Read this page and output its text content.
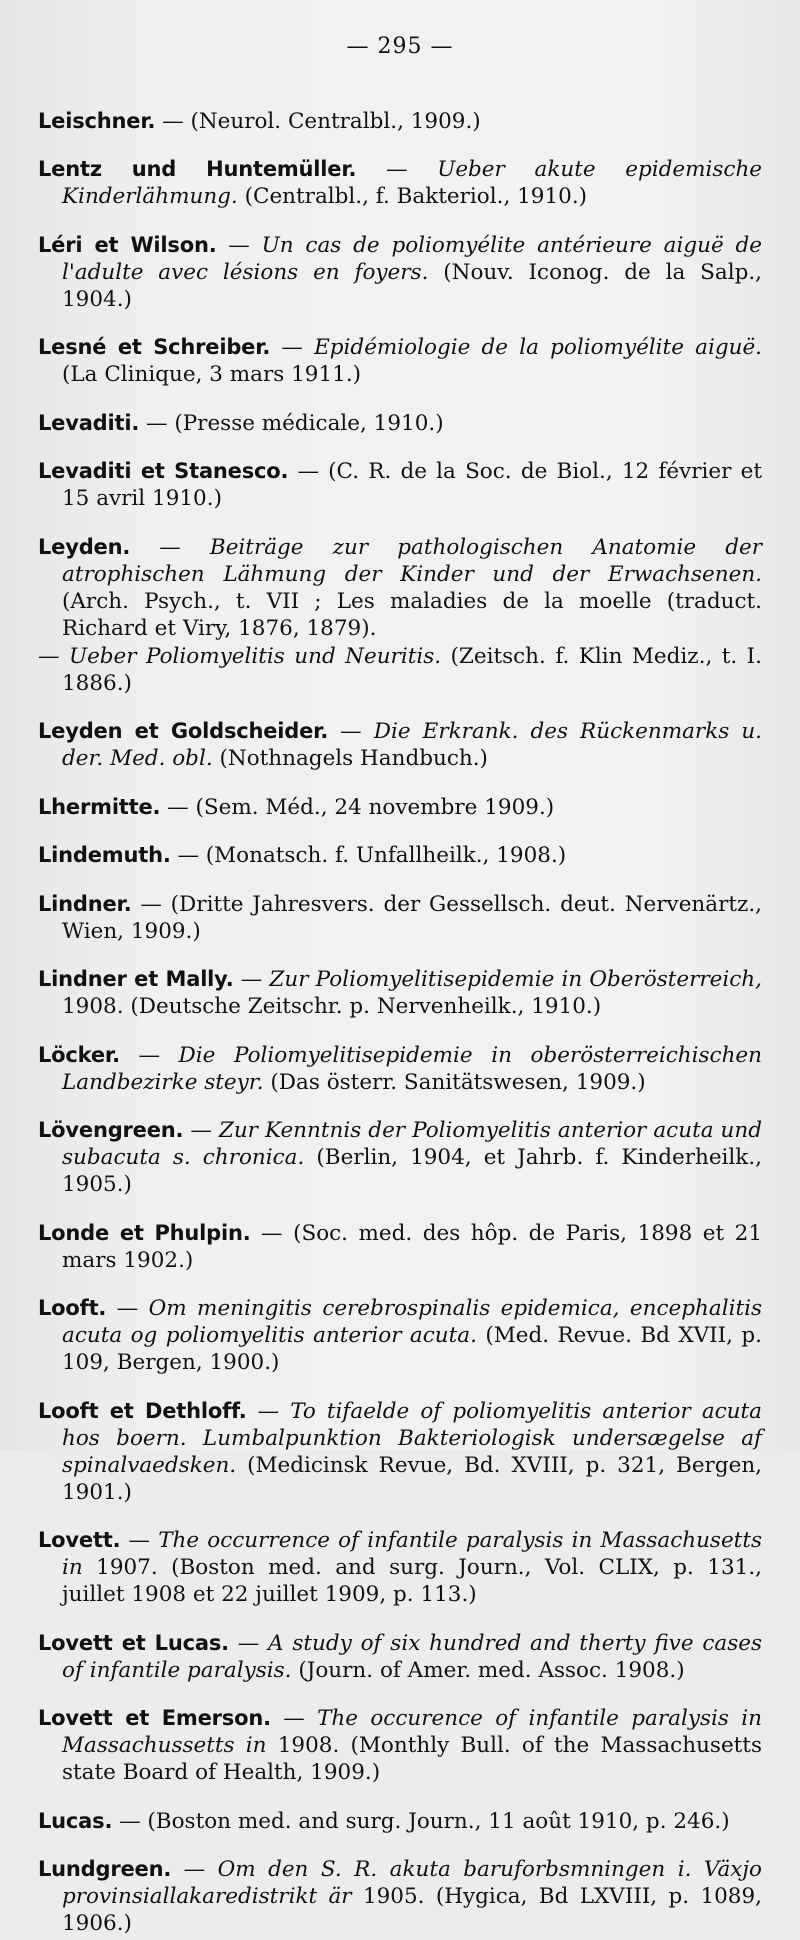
— 295 —

Leischner. — (Neurol. Centralbl., 1909.)

Lentz und Huntemüller. — Ueber akute epidemische Kinderlähmung. (Centralbl., f. Bakteriol., 1910.)

Léri et Wilson. — Un cas de poliomyélite antérieure aiguë de l'adulte avec lésions en foyers. (Nouv. Iconog. de la Salp., 1904.)

Lesné et Schreiber. — Epidémiologie de la poliomyélite aiguë. (La Clinique, 3 mars 1911.)

Levaditi. — (Presse médicale, 1910.)

Levaditi et Stanesco. — (C. R. de la Soc. de Biol., 12 février et 15 avril 1910.)

Leyden. — Beiträge zur pathologischen Anatomie der atrophischen Lähmung der Kinder und der Erwachsenen. (Arch. Psych., t. VII ; Les maladies de la moelle (traduct. Richard et Viry, 1876, 1879).

— Ueber Poliomyelitis und Neuritis. (Zeitsch. f. Klin Mediz., t. I. 1886.)

Leyden et Goldscheider. — Die Erkrank. des Rückenmarks u. der. Med. obl. (Nothnagels Handbuch.)

Lhermitte. — (Sem. Méd., 24 novembre 1909.)

Lindemuth. — (Monatsch. f. Unfallheilk., 1908.)

Lindner. — (Dritte Jahresvers. der Gessellsch. deut. Nervenärtz., Wien, 1909.)

Lindner et Mally. — Zur Poliomyelitisepidemie in Oberösterreich, 1908. (Deutsche Zeitschr. p. Nervenheilk., 1910.)

Löcker. — Die Poliomyelitisepidemie in oberösterreichischen Landbezirke steyr. (Das österr. Sanitätswesen, 1909.)

Lövengreen. — Zur Kenntnis der Poliomyelitis anterior acuta und subacuta s. chronica. (Berlin, 1904, et Jahrb. f. Kinderheilk., 1905.)

Londe et Phulpin. — (Soc. med. des hôp. de Paris, 1898 et 21 mars 1902.)

Looft. — Om meningitis cerebrospinalis epidemica, encephalitis acuta og poliomyelitis anterior acuta. (Med. Revue. Bd XVII, p. 109, Bergen, 1900.)

Looft et Dethloff. — To tifaelde of poliomyelitis anterior acuta hos boern. Lumbalpunktion Bakteriologisk undersægelse af spinalvaedsken. (Medicinsk Revue, Bd. XVIII, p. 321, Bergen, 1901.)

Lovett. — The occurrence of infantile paralysis in Massachusetts in 1907. (Boston med. and surg. Journ., Vol. CLIX, p. 131., juillet 1908 et 22 juillet 1909, p. 113.)

Lovett et Lucas. — A study of six hundred and therty five cases of infantile paralysis. (Journ. of Amer. med. Assoc. 1908.)

Lovett et Emerson. — The occurence of infantile paralysis in Massachussetts in 1908. (Monthly Bull. of the Massachusetts state Board of Health, 1909.)

Lucas. — (Boston med. and surg. Journ., 11 août 1910, p. 246.)

Lundgreen. — Om den S. R. akuta baruforbsmningen i. Växjo provinsiallakaredistrikt är 1905. (Hygica, Bd LXVIII, p. 1089, 1906.)
